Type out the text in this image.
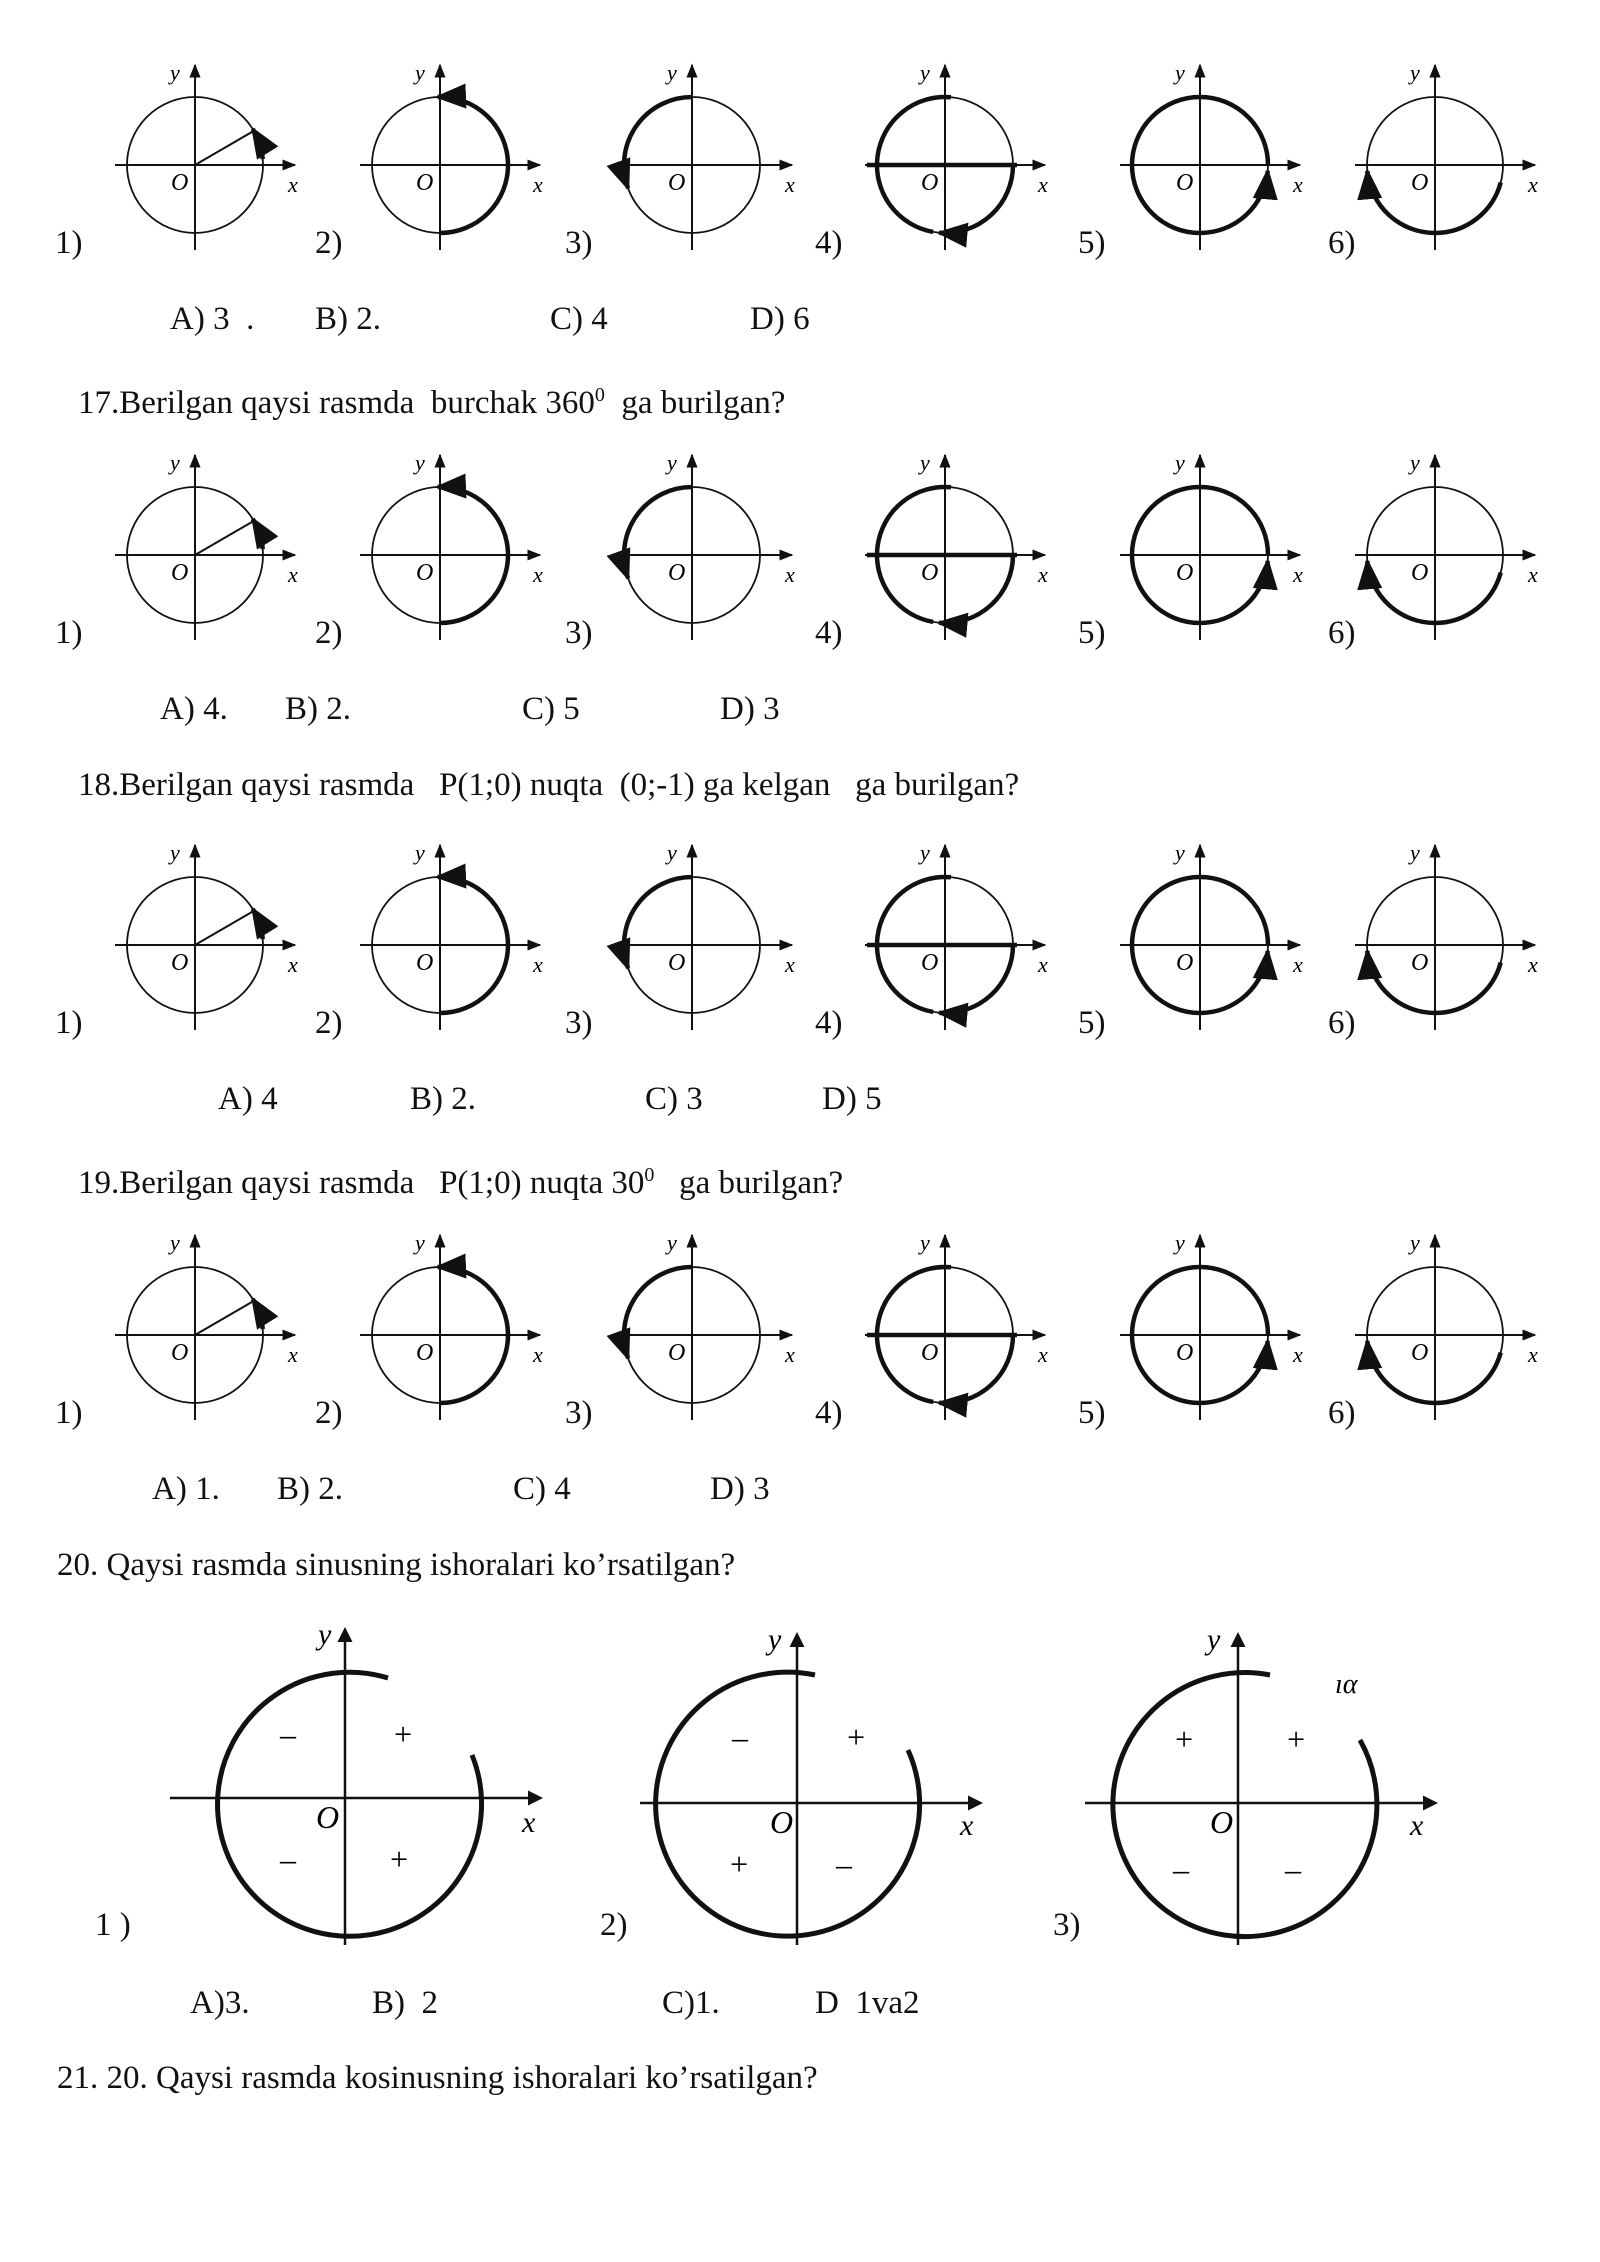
1)	2)	3)	4)	5)	6)
A) 3  . B) 2.	C) 4	D) 6
17.Berilgan qaysi rasmda  burchak $360^0$  ga burilgan?
1)	2)	3)	4)	5)	6)
A) 4. B) 2.	C) 5	D) 3
18.Berilgan qaysi rasmda   P(1;0) nuqta  (0;-1) ga kelgan   ga burilgan?
1)	2)	3)	4)	5)	6)
A) 4	B) 2.	C) 3	D) 5
19.Berilgan qaysi rasmda   P(1;0) nuqta $30^0$   ga burilgan?
1)	2)	3)	4)	5)	6)
A) 1. B) 2.	C) 4	D) 3
20. Qaysi rasmda sinusning ishoralari ko’rsatilgan?
1 )	2)	3)
A)3.	B)  2	C)1.	D  1va2
21. 20. Qaysi rasmda kosinusning ishoralari ko’rsatilgan?
y
x
O
–	+
–	+
y
x
O
–	+
+	–
y
x
O
ıα
+	+
–	–
y
x
O
y
x
O
y
x
O
y
x
O
y
x
O
y
x
O
y
x
O
y
x
O
y
x
O
y
x
O
y
x
O
y
x
O
y
x
O
y
x
O
y
x
O
y
x
O
y
x
O
y
x
O
y
x
O
y
x
O
y
x
O
y
x
O
y
x
O
y
x
O
